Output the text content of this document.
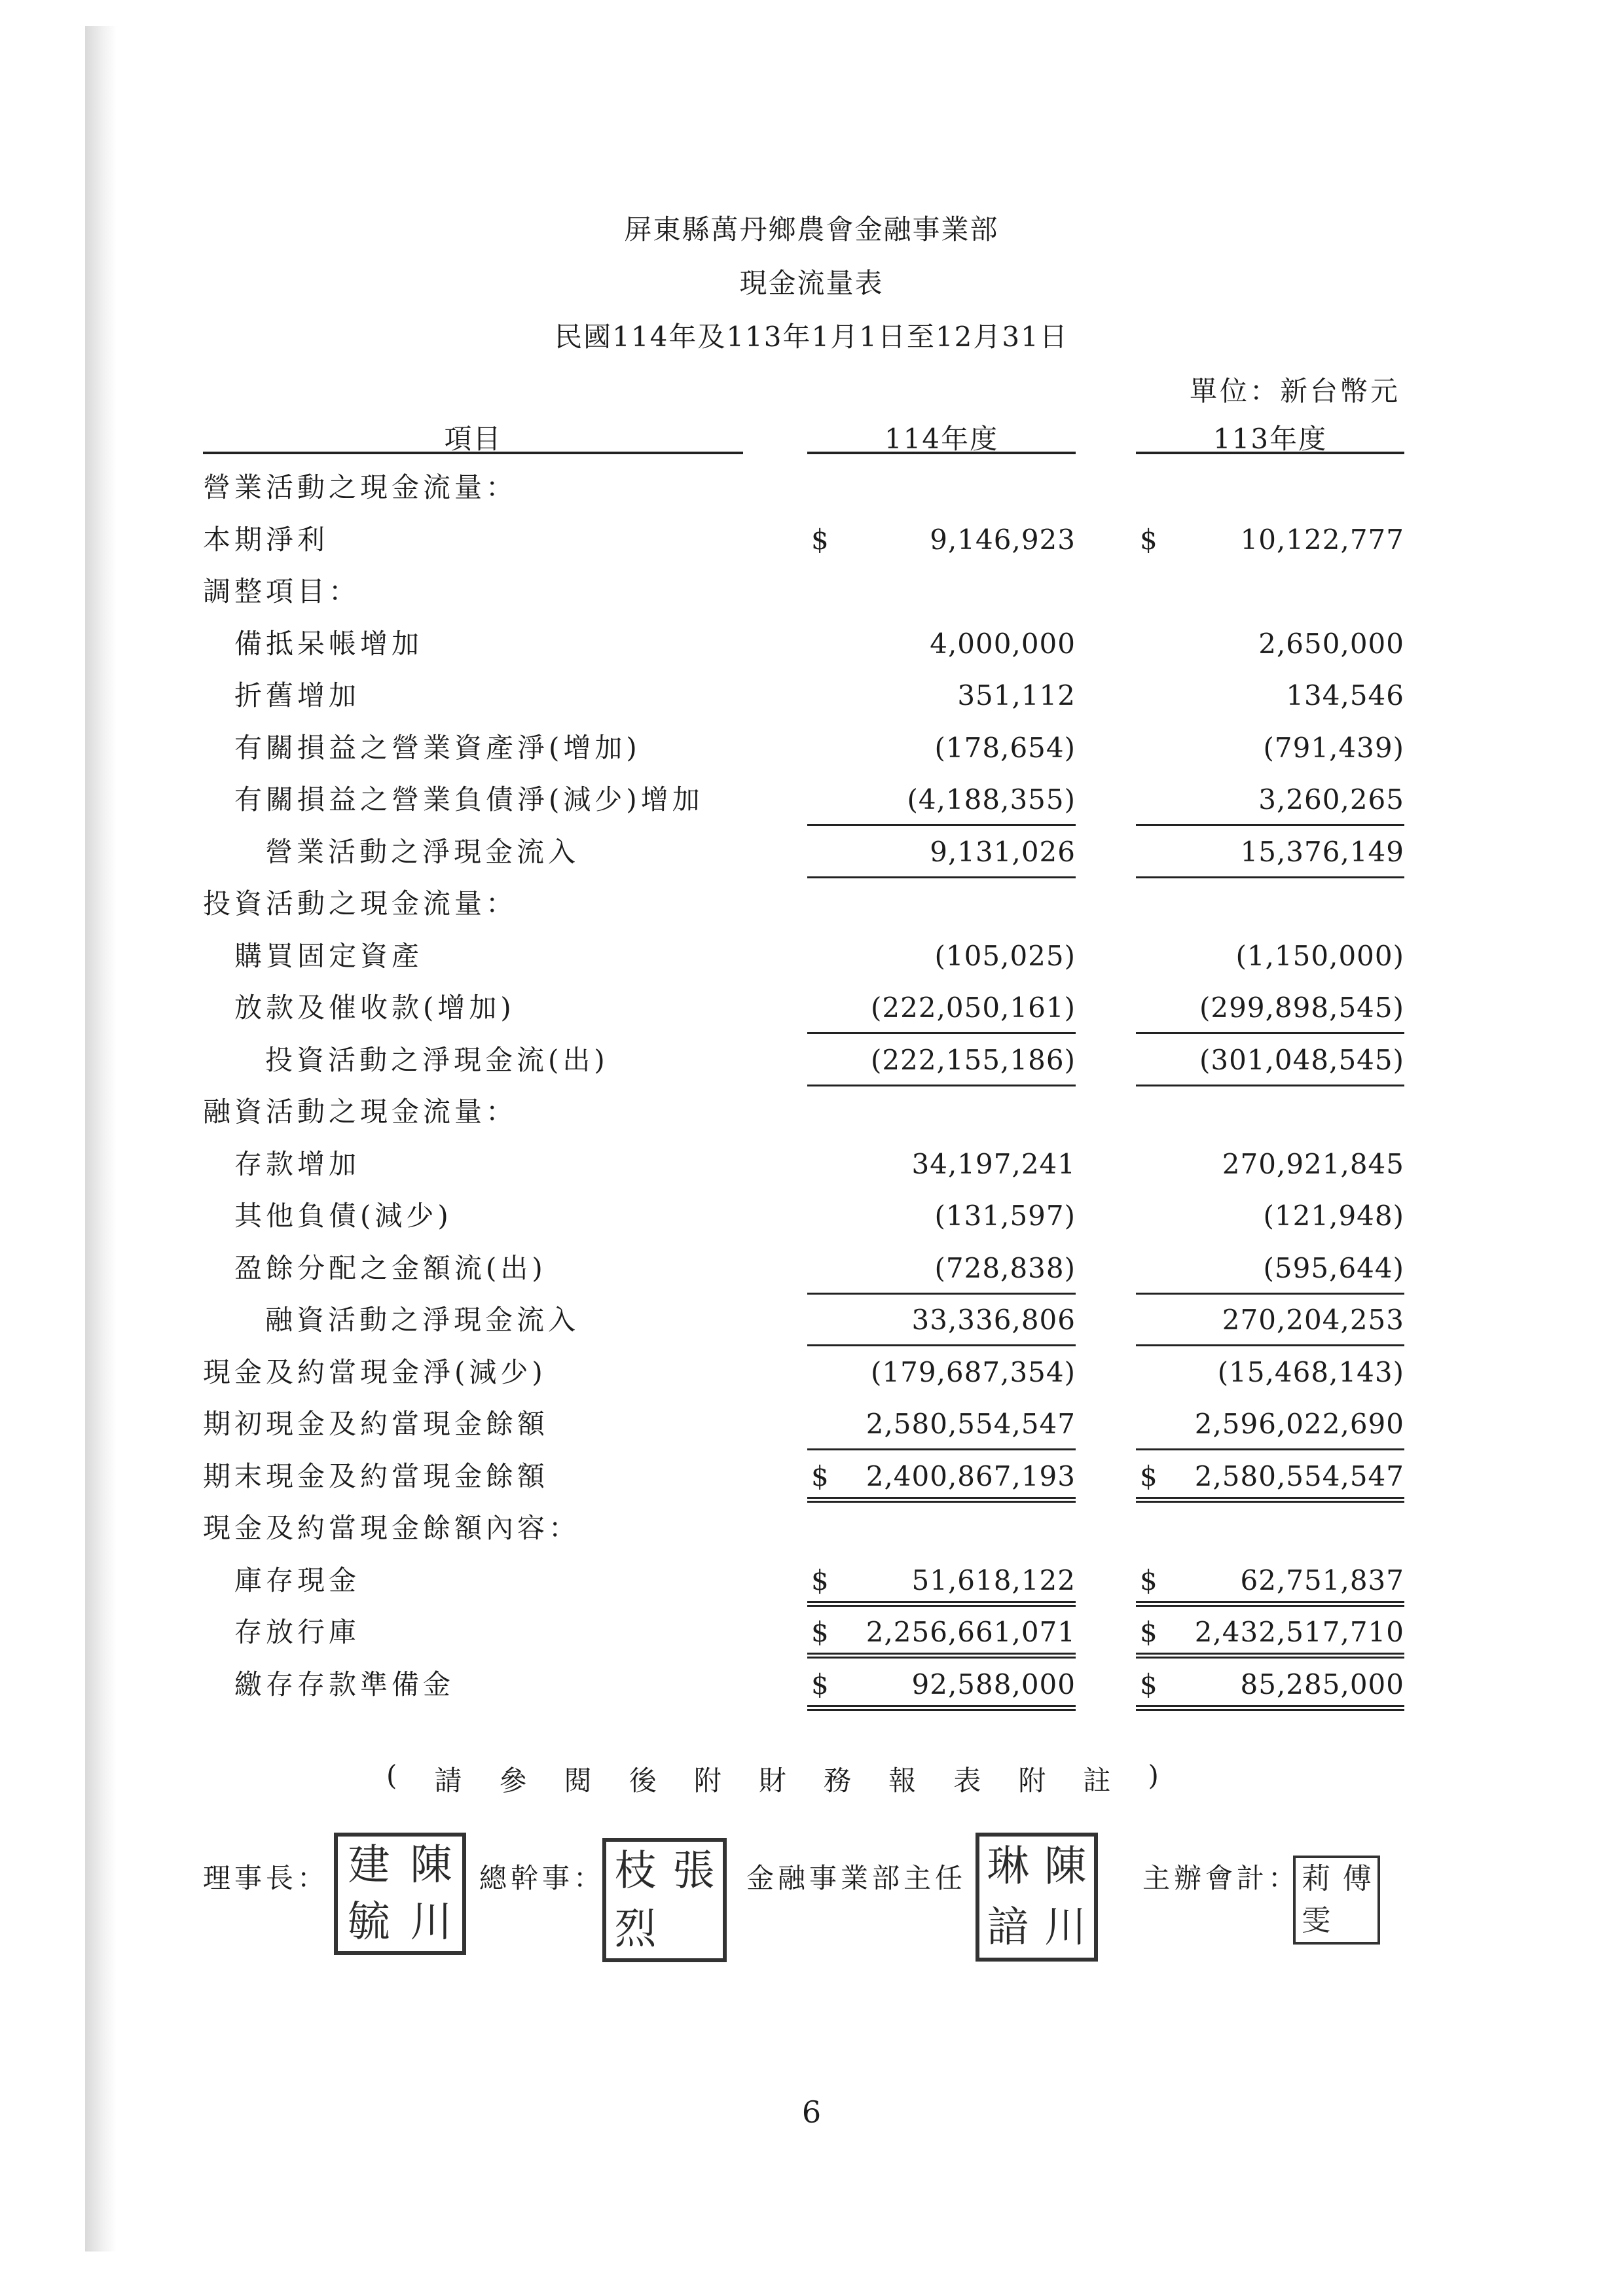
屏東縣萬丹鄉農會金融事業部
現金流量表
民國114年及113年1月1日至12月31日
單位：新台幣元
項目	114年度	113年度
營業活動之現金流量：
本期淨利	$	9,146,923 $	10,122,777
調整項目：
備抵呆帳增加	4,000,000	2,650,000
折舊增加	351,112	134,546
有關損益之營業資產淨(增加)	(178,654)	(791,439)
有關損益之營業負債淨(減少)增加	(4,188,355)	3,260,265
營業活動之淨現金流入	9,131,026	15,376,149
投資活動之現金流量：
購買固定資產	(105,025)	(1,150,000)
放款及催收款(增加)	(222,050,161)	(299,898,545)
投資活動之淨現金流(出)	(222,155,186)	(301,048,545)
融資活動之現金流量：
存款增加	34,197,241	270,921,845
其他負債(減少)	(131,597)	(121,948)
盈餘分配之金額流(出)	(728,838)	(595,644)
融資活動之淨現金流入	33,336,806	270,204,253
現金及約當現金淨(減少)	(179,687,354)	(15,468,143)
期初現金及約當現金餘額	2,580,554,547	2,596,022,690
期末現金及約當現金餘額	$ 2,400,867,193 $ 2,580,554,547
現金及約當現金餘額內容：
庫存現金	$	51,618,122 $	62,751,837
存放行庫	$ 2,256,661,071 $ 2,432,517,710
繳存存款準備金	$	92,588,000 $	85,285,000
( 請 參 閱 後 附 財 務 報 表 附 註 )
理事長： 建 陳
毓 川
總幹事： 枝 張
烈
金融事業部主任 琳 陳
諳 川
主辦會計： 莉 傅
雯
6
